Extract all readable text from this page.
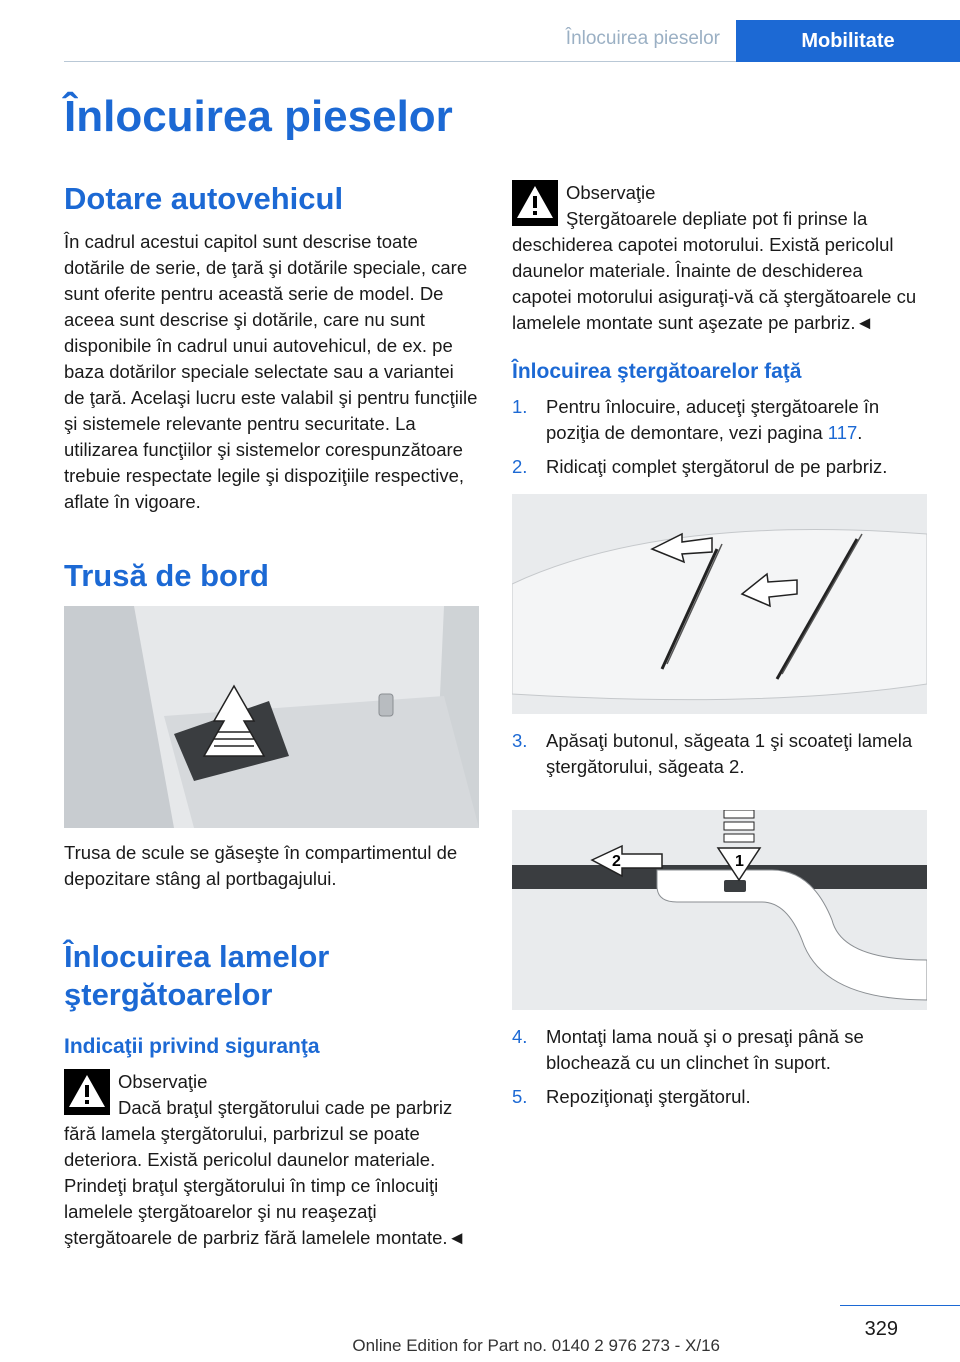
Înlocuirea pieselor	Mobilitate
Înlocuirea pieselor
Dotare autovehicul

În cadrul acestui capitol sunt descrise toate dotările de serie, de ţară şi dotările speciale, care sunt oferite pentru această serie de model. De aceea sunt descrise şi dotările, care nu sunt disponibile în cadrul unui autovehicul, de ex. pe baza dotărilor speciale selectate sau a variantei de ţară. Acelaşi lucru este valabil şi pentru funcţiile şi sistemele relevante pentru securitate. La utilizarea funcţiilor şi sistemelor corespunzătoare trebuie respectate legile şi dispoziţiile respective, aflate în vigoare.

Trusă de bord

Trusa de scule se găseşte în compartimentul de depozitare stâng al portbagajului.

Înlocuirea lamelor ştergătoarelor
Indicaţii privind siguranţa
Observaţie

Dacă braţul ştergătorului cade pe parbriz fără lamela ştergătorului, parbrizul se poate deteriora. Există pericolul daunelor materiale. Prindeţi braţul ştergătorului în timp ce înlocuiţi lamelele ştergătoarelor şi nu reaşezaţi ştergătoarele de parbriz fără lamelele montate.◄

Observaţie

Ştergătoarele depliate pot fi prinse la deschiderea capotei motorului. Există pericolul daunelor materiale. Înainte de deschiderea capotei motorului asiguraţi-vă că ştergătoarele cu lamelele montate sunt aşezate pe parbriz.◄

Înlocuirea ştergătoarelor faţă
1.	Pentru înlocuire, aduceţi ştergătoarele în poziţia de demontare, vezi pagina 117.
2.	Ridicaţi complet ştergătorul de pe parbriz.
3.	Apăsaţi butonul, săgeata 1 şi scoateţi lamela ştergătorului, săgeata 2.
1
2
4.	Montaţi lama nouă şi o presaţi până se blochează cu un clinchet în suport.
5.	Repoziţionaţi ştergătorul.
329
Online Edition for Part no. 0140 2 976 273 - X/16
